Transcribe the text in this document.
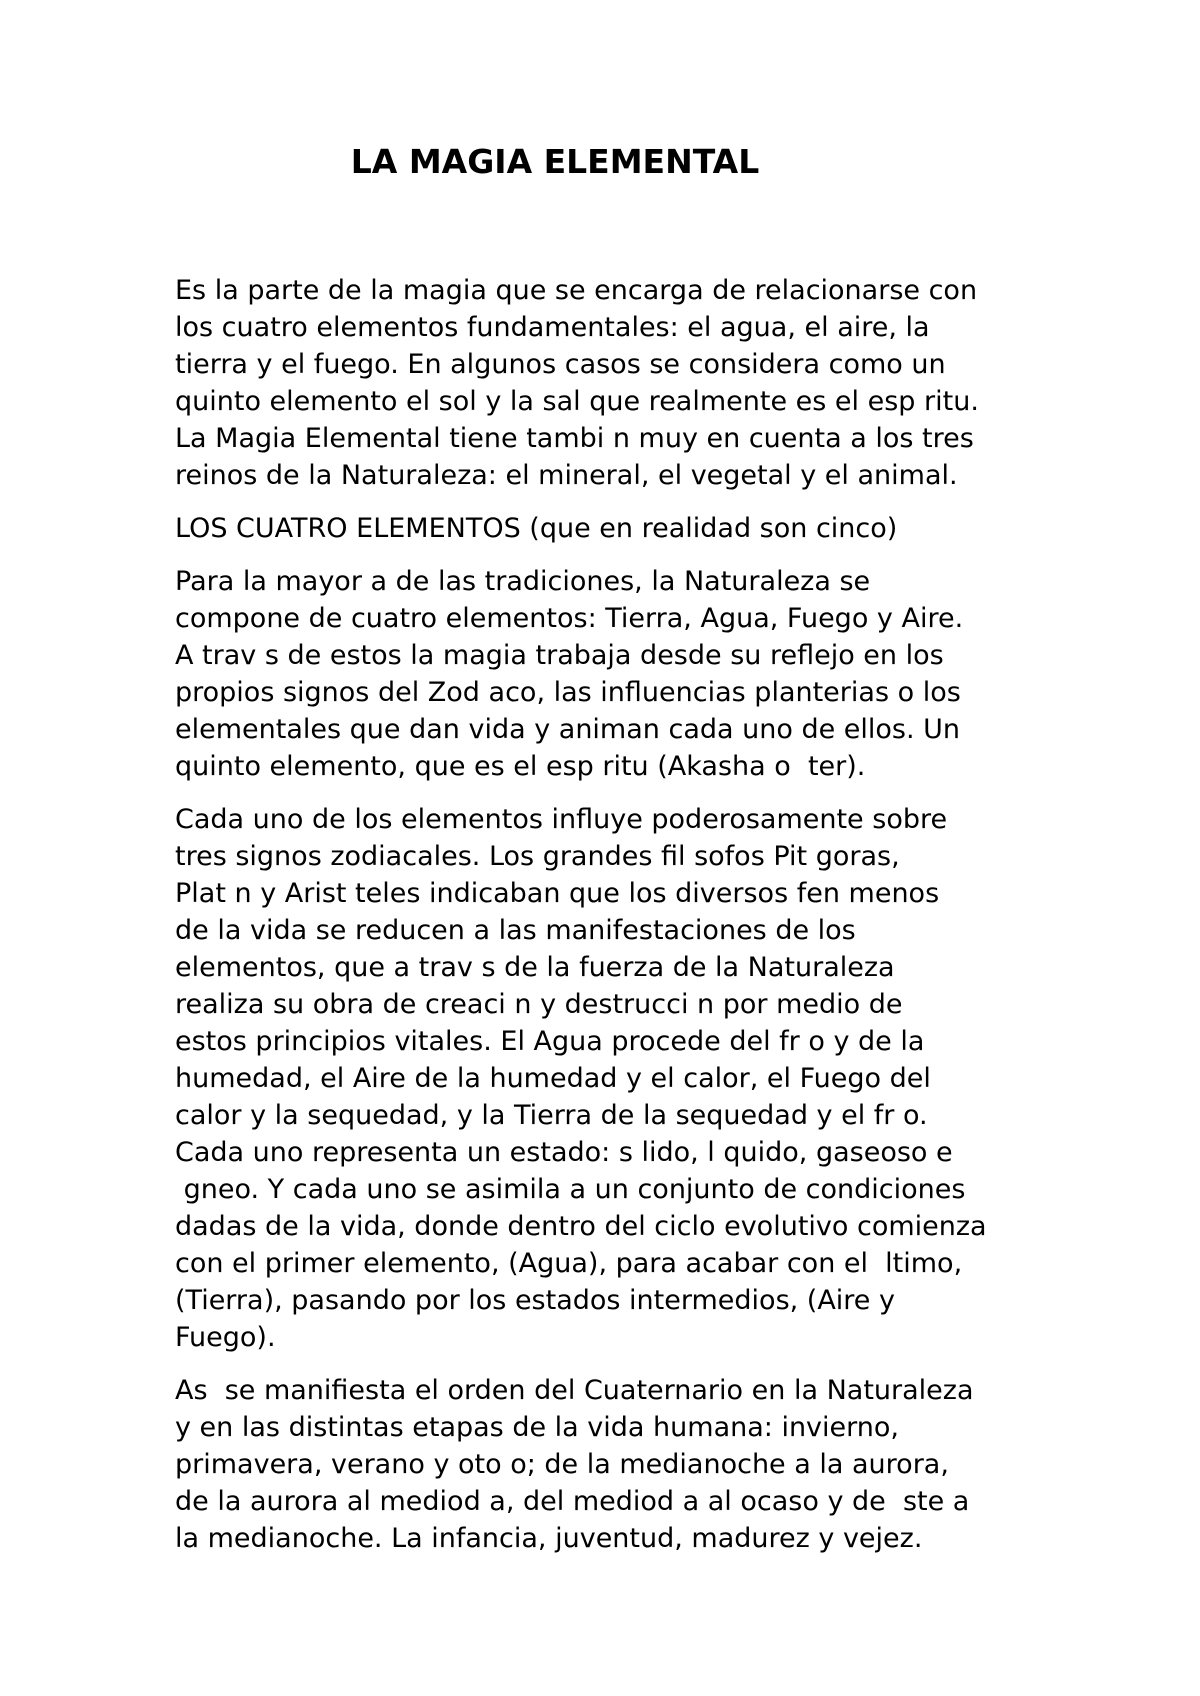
LA MAGIA ELEMENTAL
Es la parte de la magia que se encarga de relacionarse con
los cuatro elementos fundamentales: el agua, el aire, la
tierra y el fuego. En algunos casos se considera como un
quinto elemento el sol y la sal que realmente es el esp ritu.
La Magia Elemental tiene tambi n muy en cuenta a los tres
reinos de la Naturaleza: el mineral, el vegetal y el animal.
LOS CUATRO ELEMENTOS (que en realidad son cinco)
Para la mayor a de las tradiciones, la Naturaleza se
compone de cuatro elementos: Tierra, Agua, Fuego y Aire.
A trav s de estos la magia trabaja desde su reflejo en los
propios signos del Zod aco, las influencias planterias o los
elementales que dan vida y animan cada uno de ellos. Un
quinto elemento, que es el esp ritu (Akasha o  ter).
Cada uno de los elementos influye poderosamente sobre
tres signos zodiacales. Los grandes fil sofos Pit goras,
Plat n y Arist teles indicaban que los diversos fen menos
de la vida se reducen a las manifestaciones de los
elementos, que a trav s de la fuerza de la Naturaleza
realiza su obra de creaci n y destrucci n por medio de
estos principios vitales. El Agua procede del fr o y de la
humedad, el Aire de la humedad y el calor, el Fuego del
calor y la sequedad, y la Tierra de la sequedad y el fr o.
Cada uno representa un estado: s lido, l quido, gaseoso e
gneo. Y cada uno se asimila a un conjunto de condiciones
dadas de la vida, donde dentro del ciclo evolutivo comienza
con el primer elemento, (Agua), para acabar con el  ltimo,
(Tierra), pasando por los estados intermedios, (Aire y
Fuego).
As  se manifiesta el orden del Cuaternario en la Naturaleza
y en las distintas etapas de la vida humana: invierno,
primavera, verano y oto o; de la medianoche a la aurora,
de la aurora al mediod a, del mediod a al ocaso y de  ste a
la medianoche. La infancia, juventud, madurez y vejez.
